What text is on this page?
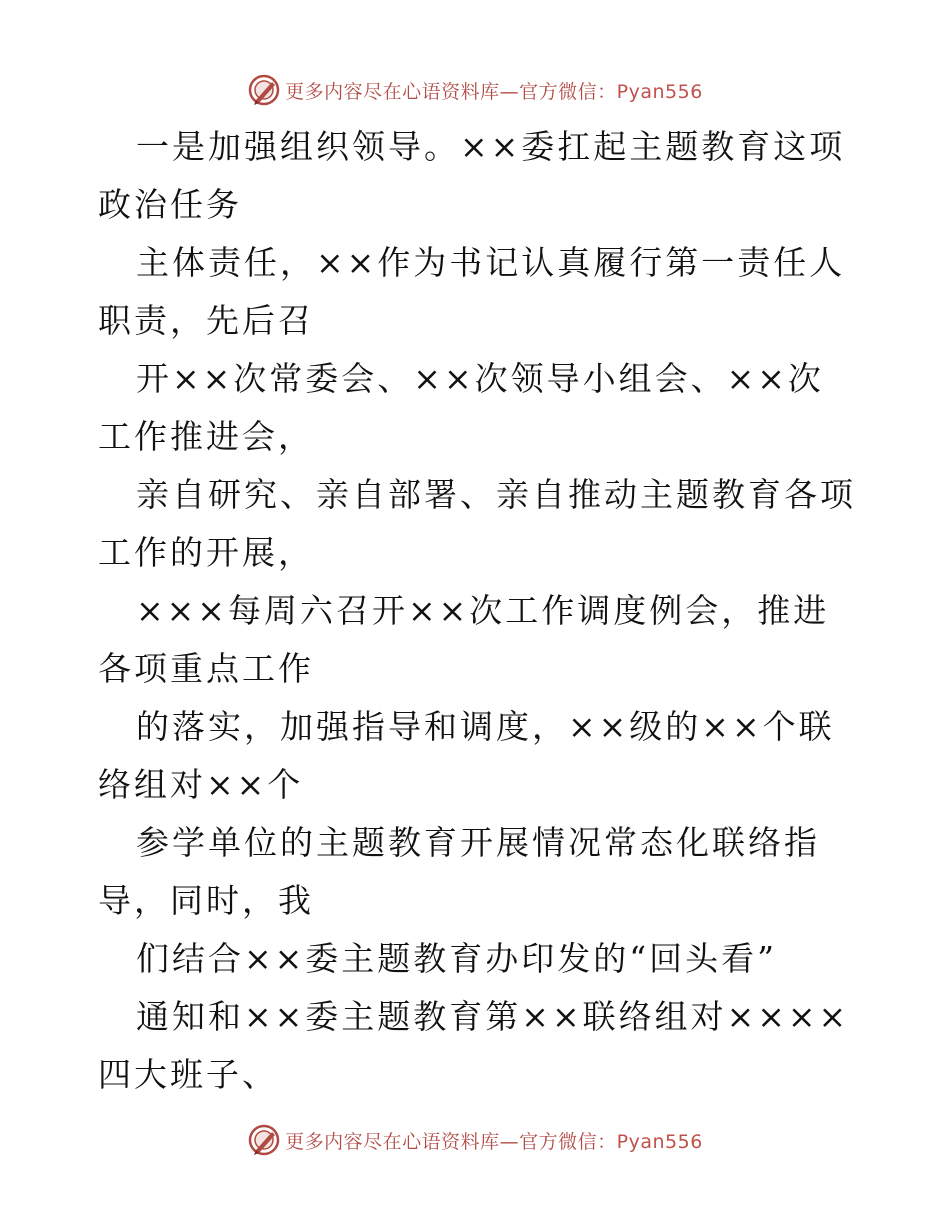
更多内容尽在心语资料库—官方微信：Pyan556

一是加强组织领导。××委扛起主题教育这项政治任务

主体责任，××作为书记认真履行第一责任人职责，先后召

开××次常委会、××次领导小组会、××次工作推进会，

亲自研究、亲自部署、亲自推动主题教育各项工作的开展，

×××每周六召开××次工作调度例会，推进各项重点工作

的落实，加强指导和调度，××级的××个联络组对××个

参学单位的主题教育开展情况常态化联络指导，同时，我

们结合××委主题教育办印发的“回头看”

通知和××委主题教育第××联络组对××××四大班子、

更多内容尽在心语资料库—官方微信：Pyan556
